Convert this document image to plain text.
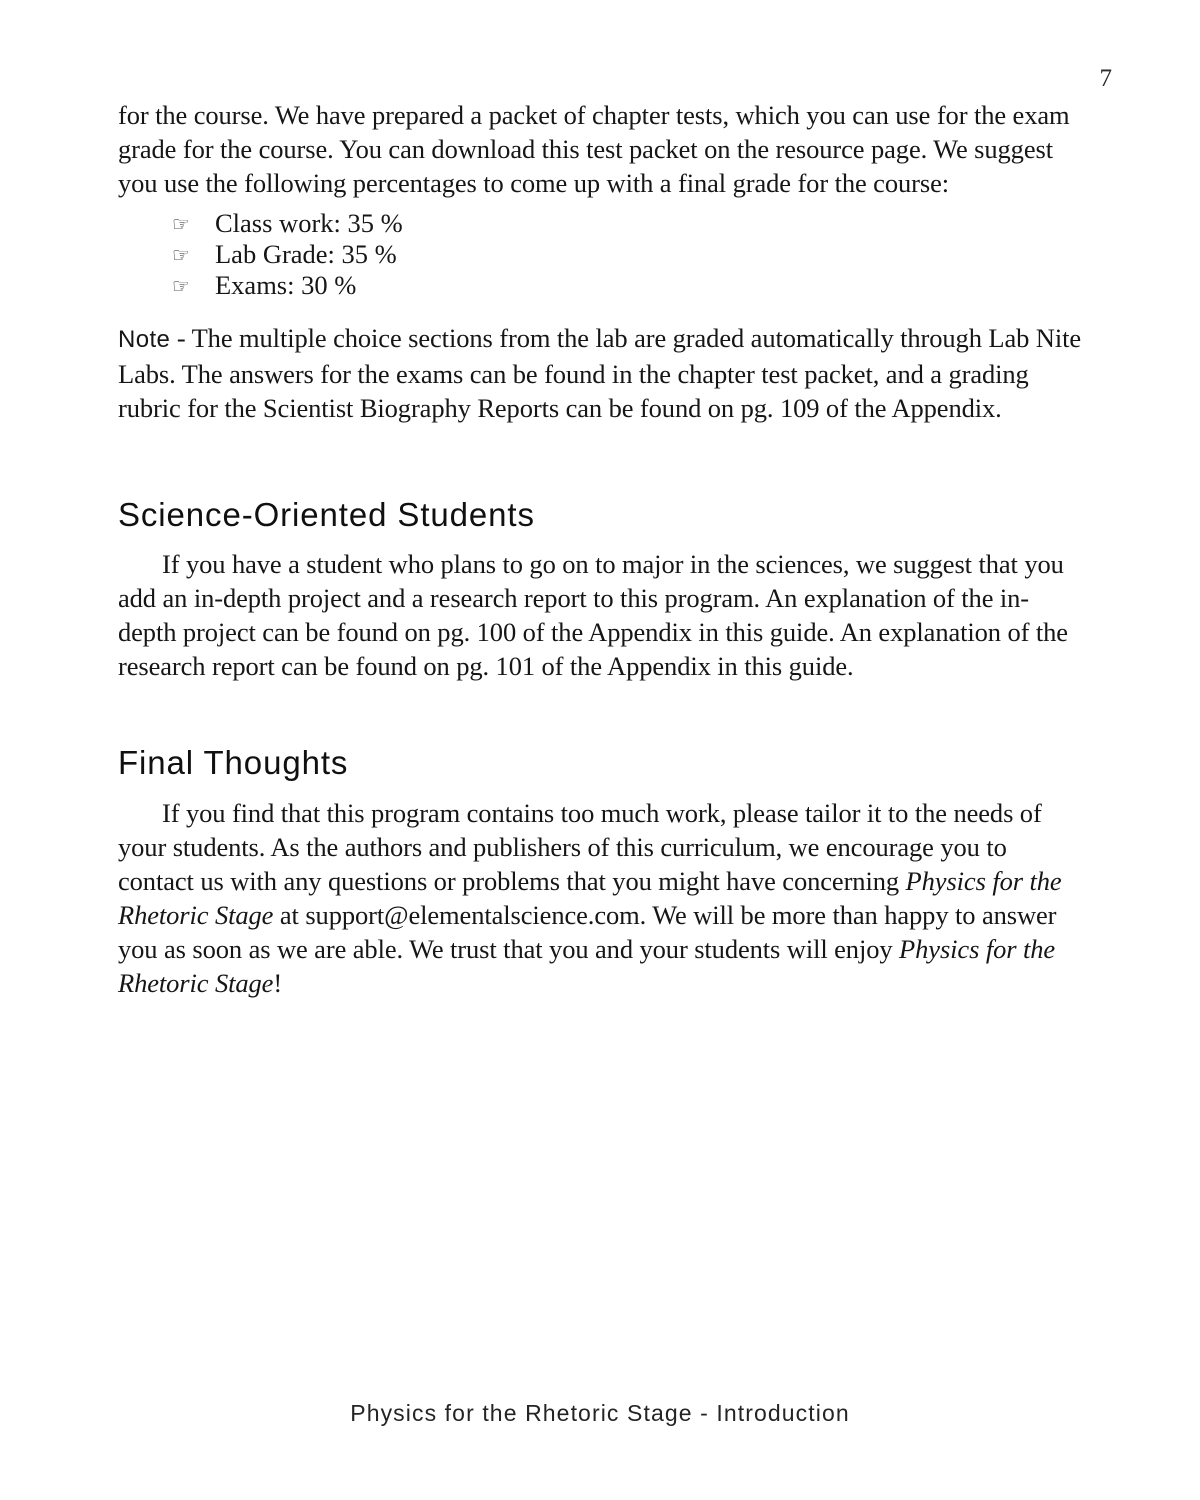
7

for the course. We have prepared a packet of chapter tests, which you can use for the exam grade for the course. You can download this test packet on the resource page. We suggest you use the following percentages to come up with a final grade for the course:

☞ Class work: 35 %
☞ Lab Grade: 35 %
☞ Exams: 30 %

Note - The multiple choice sections from the lab are graded automatically through Lab Nite Labs. The answers for the exams can be found in the chapter test packet, and a grading rubric for the Scientist Biography Reports can be found on pg. 109 of the Appendix.

Science-Oriented Students

If you have a student who plans to go on to major in the sciences, we suggest that you add an in-depth project and a research report to this program. An explanation of the in-depth project can be found on pg. 100 of the Appendix in this guide. An explanation of the research report can be found on pg. 101 of the Appendix in this guide.

Final Thoughts

If you find that this program contains too much work, please tailor it to the needs of your students. As the authors and publishers of this curriculum, we encourage you to contact us with any questions or problems that you might have concerning Physics for the Rhetoric Stage at support@elementalscience.com. We will be more than happy to answer you as soon as we are able. We trust that you and your students will enjoy Physics for the Rhetoric Stage!

Physics for the Rhetoric Stage - Introduction
